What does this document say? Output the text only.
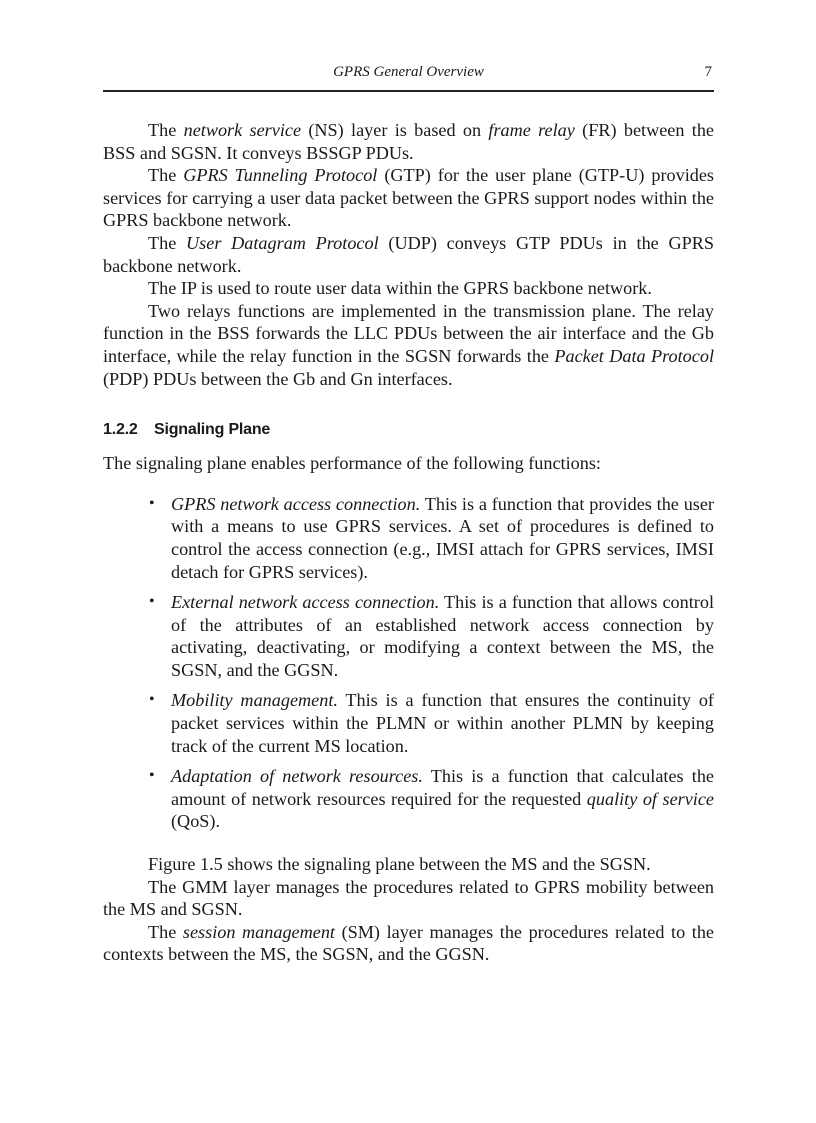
GPRS General Overview	7

The network service (NS) layer is based on frame relay (FR) between the BSS and SGSN. It conveys BSSGP PDUs.

The GPRS Tunneling Protocol (GTP) for the user plane (GTP-U) provides services for carrying a user data packet between the GPRS support nodes within the GPRS backbone network.

The User Datagram Protocol (UDP) conveys GTP PDUs in the GPRS backbone network.

The IP is used to route user data within the GPRS backbone network.

Two relays functions are implemented in the transmission plane. The relay function in the BSS forwards the LLC PDUs between the air interface and the Gb interface, while the relay function in the SGSN forwards the Packet Data Protocol (PDP) PDUs between the Gb and Gn interfaces.

1.2.2 Signaling Plane

The signaling plane enables performance of the following functions:

• GPRS network access connection. This is a function that provides the user with a means to use GPRS services. A set of procedures is defined to control the access connection (e.g., IMSI attach for GPRS services, IMSI detach for GPRS services).
• External network access connection. This is a function that allows control of the attributes of an established network access connection by activating, deactivating, or modifying a context between the MS, the SGSN, and the GGSN.
• Mobility management. This is a function that ensures the continuity of packet services within the PLMN or within another PLMN by keeping track of the current MS location.
• Adaptation of network resources. This is a function that calculates the amount of network resources required for the requested quality of service (QoS).

Figure 1.5 shows the signaling plane between the MS and the SGSN.

The GMM layer manages the procedures related to GPRS mobility between the MS and SGSN.

The session management (SM) layer manages the procedures related to the contexts between the MS, the SGSN, and the GGSN.
